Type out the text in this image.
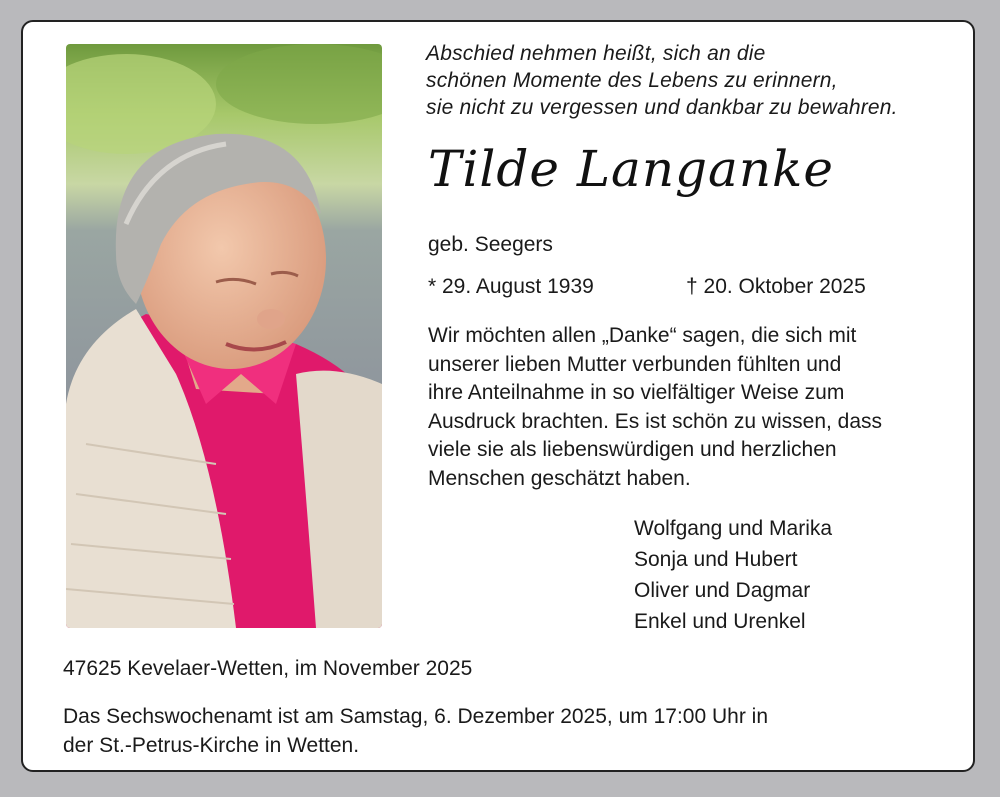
Abschied nehmen heißt, sich an die
schönen Momente des Lebens zu erinnern,
sie nicht zu vergessen und dankbar zu bewahren.
Tilde Langanke
geb. Seegers
* 29. August 1939	† 20. Oktober 2025
Wir möchten allen „Danke“ sagen, die sich mit
unserer lieben Mutter verbunden fühlten und
ihre Anteilnahme in so vielfältiger Weise zum
Ausdruck brachten. Es ist schön zu wissen, dass
viele sie als liebenswürdigen und herzlichen
Menschen geschätzt haben.
Wolfgang und Marika
Sonja und Hubert
Oliver und Dagmar
Enkel und Urenkel
47625 Kevelaer-Wetten, im November 2025
Das Sechswochenamt ist am Samstag, 6. Dezember 2025, um 17:00 Uhr in
der St.-Petrus-Kirche in Wetten.
